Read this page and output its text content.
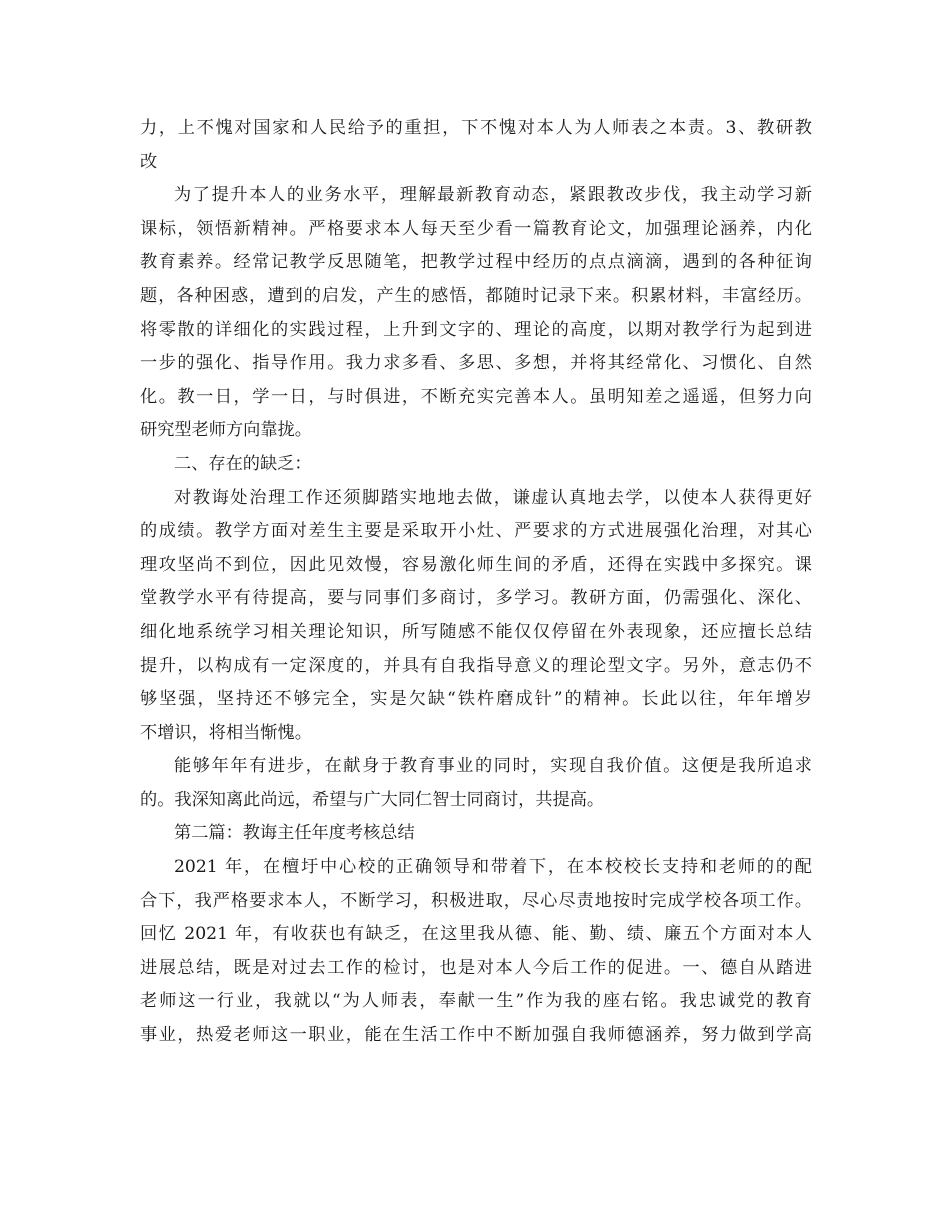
力，上不愧对国家和人民给予的重担，下不愧对本人为人师表之本责。3、教研教
改
为了提升本人的业务水平，理解最新教育动态，紧跟教改步伐，我主动学习新
课标，领悟新精神。严格要求本人每天至少看一篇教育论文，加强理论涵养，内化
教育素养。经常记教学反思随笔，把教学过程中经历的点点滴滴，遇到的各种征询
题，各种困惑，遭到的启发，产生的感悟，都随时记录下来。积累材料，丰富经历。
将零散的详细化的实践过程，上升到文字的、理论的高度，以期对教学行为起到进
一步的强化、指导作用。我力求多看、多思、多想，并将其经常化、习惯化、自然
化。教一日，学一日，与时俱进，不断充实完善本人。虽明知差之遥遥，但努力向
研究型老师方向靠拢。
二、存在的缺乏：
对教诲处治理工作还须脚踏实地地去做，谦虚认真地去学，以使本人获得更好
的成绩。教学方面对差生主要是采取开小灶、严要求的方式进展强化治理，对其心
理攻坚尚不到位，因此见效慢，容易激化师生间的矛盾，还得在实践中多探究。课
堂教学水平有待提高，要与同事们多商讨，多学习。教研方面，仍需强化、深化、
细化地系统学习相关理论知识，所写随感不能仅仅停留在外表现象，还应擅长总结
提升，以构成有一定深度的，并具有自我指导意义的理论型文字。另外，意志仍不
够坚强，坚持还不够完全，实是欠缺“铁杵磨成针”的精神。长此以往，年年增岁
不增识，将相当惭愧。
能够年年有进步，在献身于教育事业的同时，实现自我价值。这便是我所追求
的。我深知离此尚远，希望与广大同仁智士同商讨，共提高。
第二篇：教诲主任年度考核总结
2021 年，在檀圩中心校的正确领导和带着下，在本校校长支持和老师的的配
合下，我严格要求本人，不断学习，积极进取，尽心尽责地按时完成学校各项工作。
回忆 2021 年，有收获也有缺乏，在这里我从德、能、勤、绩、廉五个方面对本人
进展总结，既是对过去工作的检讨，也是对本人今后工作的促进。一、德自从踏进
老师这一行业，我就以“为人师表，奉献一生”作为我的座右铭。我忠诚党的教育
事业，热爱老师这一职业，能在生活工作中不断加强自我师德涵养，努力做到学高
